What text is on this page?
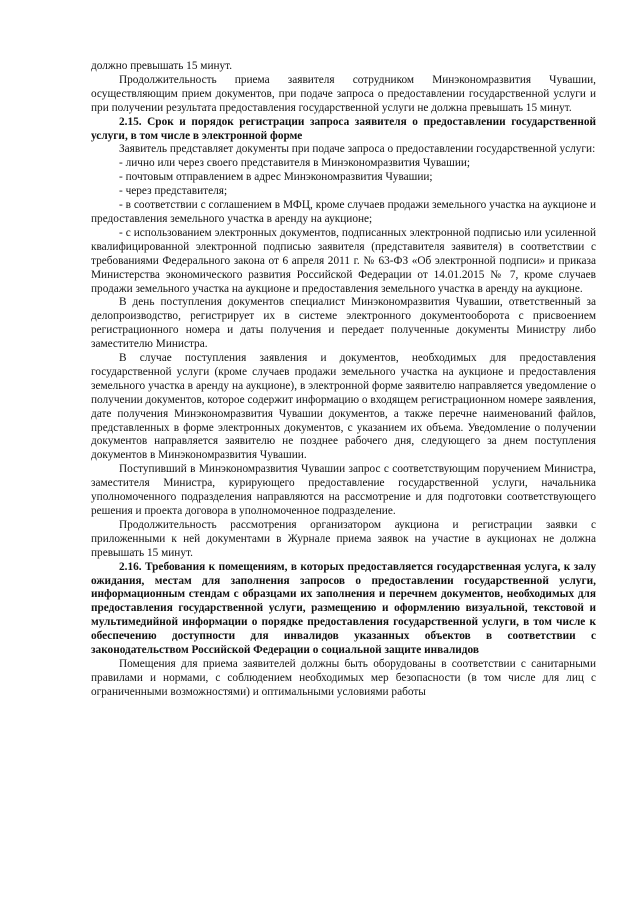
должно превышать 15 минут.

Продолжительность приема заявителя сотрудником Минэкономразвития Чувашии, осуществляющим прием документов, при подаче запроса о предоставлении государственной услуги и при получении результата предоставления государственной услуги не должна превышать 15 минут.

2.15. Срок и порядок регистрации запроса заявителя о предоставлении государственной услуги, в том числе в электронной форме

Заявитель представляет документы при подаче запроса о предоставлении государственной услуги:

- лично или через своего представителя в Минэкономразвития Чувашии;

- почтовым отправлением в адрес Минэкономразвития Чувашии;

- через представителя;

- в соответствии с соглашением в МФЦ, кроме случаев продажи земельного участка на аукционе и предоставления земельного участка в аренду на аукционе;

- с использованием электронных документов, подписанных электронной подписью или усиленной квалифицированной электронной подписью заявителя (представителя заявителя) в соответствии с требованиями Федерального закона от 6 апреля 2011 г. № 63-ФЗ «Об электронной подписи» и приказа Министерства экономического развития Российской Федерации от 14.01.2015 № 7, кроме случаев продажи земельного участка на аукционе и предоставления земельного участка в аренду на аукционе.

В день поступления документов специалист Минэкономразвития Чувашии, ответственный за делопроизводство, регистрирует их в системе электронного документооборота с присвоением регистрационного номера и даты получения и передает полученные документы Министру либо заместителю Министра.

В случае поступления заявления и документов, необходимых для предоставления государственной услуги (кроме случаев продажи земельного участка на аукционе и предоставления земельного участка в аренду на аукционе), в электронной форме заявителю направляется уведомление о получении документов, которое содержит информацию о входящем регистрационном номере заявления, дате получения Минэкономразвития Чувашии документов, а также перечне наименований файлов, представленных в форме электронных документов, с указанием их объема. Уведомление о получении документов направляется заявителю не позднее рабочего дня, следующего за днем поступления документов в Минэкономразвития Чувашии.

Поступивший в Минэкономразвития Чувашии запрос с соответствующим поручением Министра, заместителя Министра, курирующего предоставление государственной услуги, начальника уполномоченного подразделения направляются на рассмотрение и для подготовки соответствующего решения и проекта договора в уполномоченное подразделение.

Продолжительность рассмотрения организатором аукциона и регистрации заявки с приложенными к ней документами в Журнале приема заявок на участие в аукционах не должна превышать 15 минут.

2.16. Требования к помещениям, в которых предоставляется государственная услуга, к залу ожидания, местам для заполнения запросов о предоставлении государственной услуги, информационным стендам с образцами их заполнения и перечнем документов, необходимых для предоставления государственной услуги, размещению и оформлению визуальной, текстовой и мультимедийной информации о порядке предоставления государственной услуги, в том числе к обеспечению доступности для инвалидов указанных объектов в соответствии с законодательством Российской Федерации о социальной защите инвалидов

Помещения для приема заявителей должны быть оборудованы в соответствии с санитарными правилами и нормами, с соблюдением необходимых мер безопасности (в том числе для лиц с ограниченными возможностями) и оптимальными условиями работы
